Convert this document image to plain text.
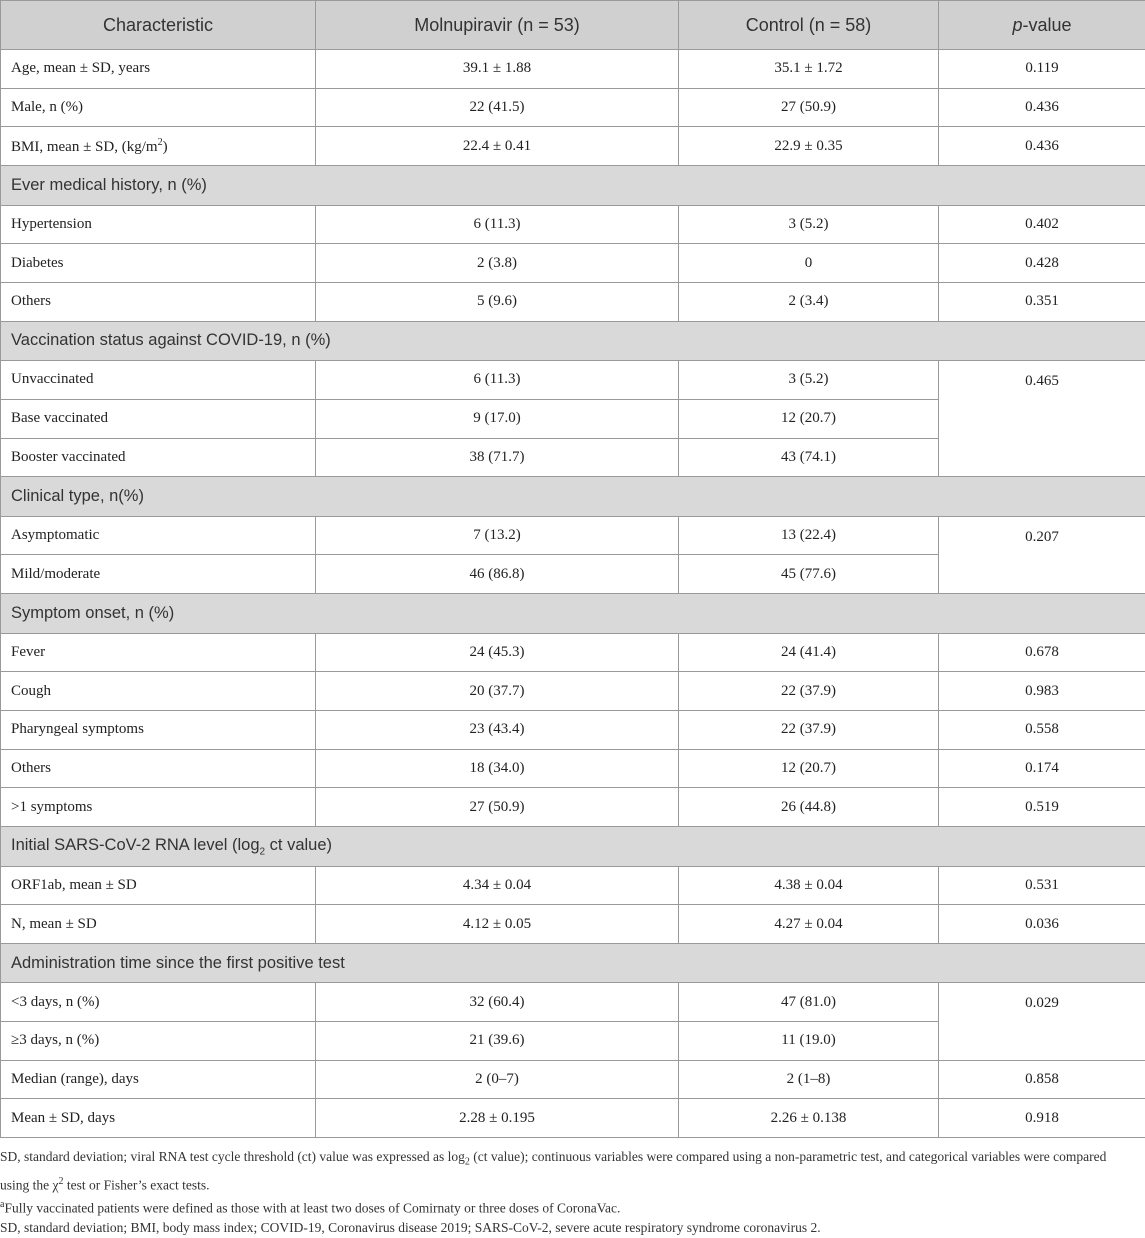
Characteristic	Molnupiravir (n = 53)	Control (n = 58)	p-value
Age, mean ± SD, years	39.1 ± 1.88	35.1 ± 1.72	0.119
Male, n (%)	22 (41.5)	27 (50.9)	0.436
BMI, mean ± SD, $(kg/m^2)$	22.4 ± 0.41	22.9 ± 0.35	0.436
Ever medical history, n (%)			
Hypertension	6 (11.3)	3 (5.2)	0.402
Diabetes	2 (3.8)	0	0.428
Others	5 (9.6)	2 (3.4)	0.351
Vaccination status against COVID-19, n (%)			
Unvaccinated	6 (11.3)	3 (5.2)	0.465
Base vaccinated	9 (17.0)	12 (20.7)	
Booster vaccinated	38 (71.7)	43 (74.1)	
Clinical type, n(%)			
Asymptomatic	7 (13.2)	13 (22.4)	0.207
Mild/moderate	46 (86.8)	45 (77.6)	
Symptom onset, n (%)			
Fever	24 (45.3)	24 (41.4)	0.678
Cough	20 (37.7)	22 (37.9)	0.983
Pharyngeal symptoms	23 (43.4)	22 (37.9)	0.558
Others	18 (34.0)	12 (20.7)	0.174
>1 symptoms	27 (50.9)	26 (44.8)	0.519
Initial SARS-CoV-2 RNA level ($\log_2$ ct value)			
ORF1ab, mean ± SD	4.34 ± 0.04	4.38 ± 0.04	0.531
N, mean ± SD	4.12 ± 0.05	4.27 ± 0.04	0.036
Administration time since the first positive test			
<3 days, n (%)	32 (60.4)	47 (81.0)	0.029
≥3 days, n (%)	21 (39.6)	11 (19.0)	
Median (range), days	2 (0–7)	2 (1–8)	0.858
Mean ± SD, days	2.28 ± 0.195	2.26 ± 0.138	0.918

SD, standard deviation; viral RNA test cycle threshold (ct) value was expressed as $\log_2 (ct$ value); continuous variables were compared using a non-parametric test, and categorical variables were compared using the $\chi^2$ test or Fisher’s exact tests.

$^a$Fully vaccinated patients were defined as those with at least two doses of Comirnaty or three doses of CoronaVac.

SD, standard deviation; BMI, body mass index; COVID-19, Coronavirus disease 2019; SARS-CoV-2, severe acute respiratory syndrome coronavirus 2.
